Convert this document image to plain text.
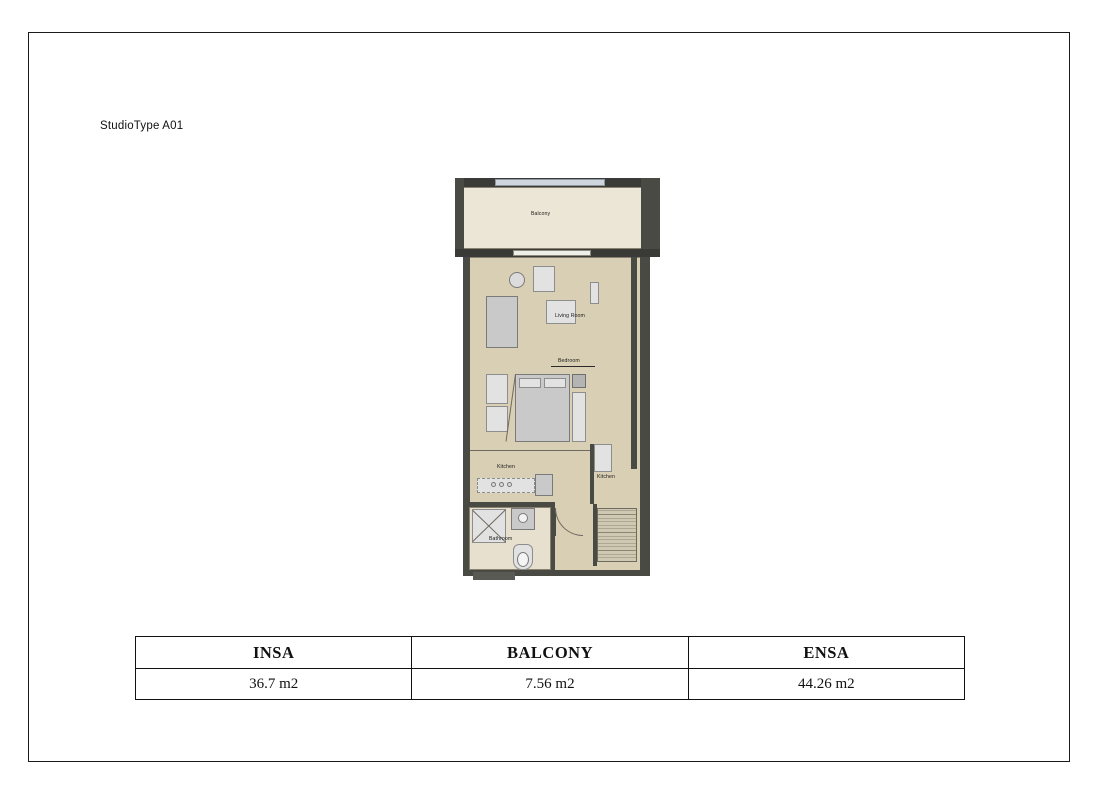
StudioType A01
Balcony
Living Room
Bedroom
Kitchen
Kitchen
Bathroom
INSA	BALCONY	ENSA
36.7 m2	7.56 m2	44.26 m2
